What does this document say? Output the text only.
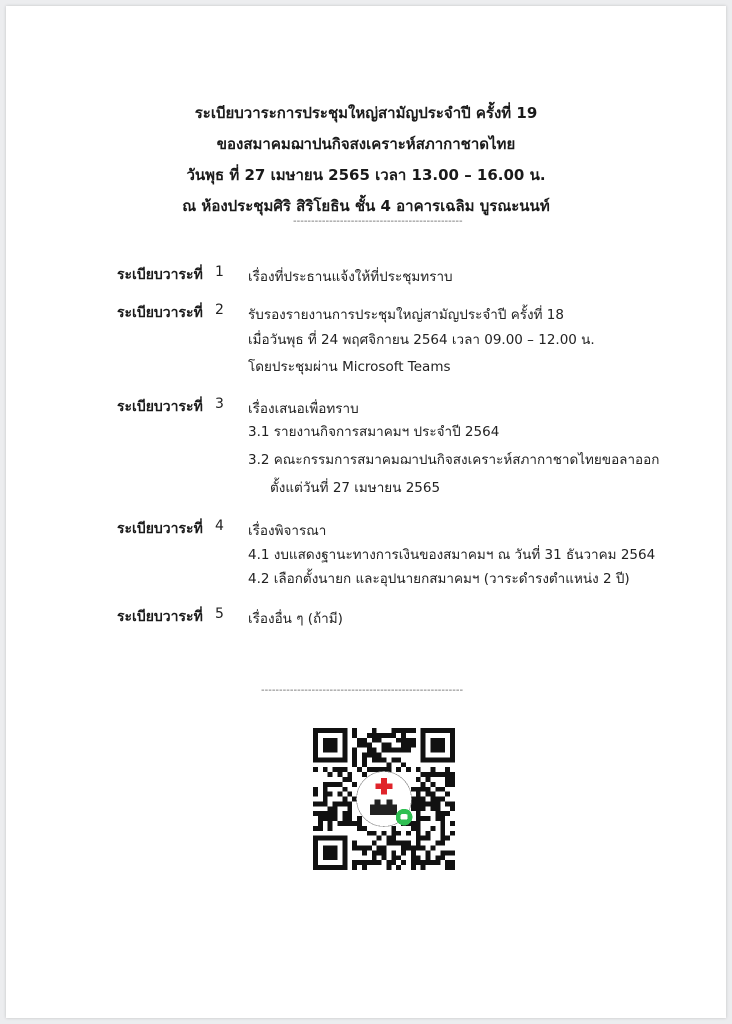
ระเบียบวาระการประชุมใหญ่สามัญประจำปี ครั้งที่ 19
ของสมาคมฌาปนกิจสงเคราะห์สภากาชาดไทย
วันพุธ ที่ 27 เมษายน 2565 เวลา 13.00 – 16.00 น.
ณ ห้องประชุมศิริ สิริโยธิน ชั้น 4 อาคารเฉลิม บูรณะนนท์
-----------------------------------------------
ระเบียบวาระที่ 1 เรื่องที่ประธานแจ้งให้ที่ประชุมทราบ
ระเบียบวาระที่ 2 รับรองรายงานการประชุมใหญ่สามัญประจำปี ครั้งที่ 18
เมื่อวันพุธ ที่ 24 พฤศจิกายน 2564 เวลา 09.00 – 12.00 น.
โดยประชุมผ่าน Microsoft Teams
ระเบียบวาระที่ 3 เรื่องเสนอเพื่อทราบ
3.1 รายงานกิจการสมาคมฯ ประจำปี 2564
3.2 คณะกรรมการสมาคมฌาปนกิจสงเคราะห์สภากาชาดไทยขอลาออก
ตั้งแต่วันที่ 27 เมษายน 2565
ระเบียบวาระที่ 4 เรื่องพิจารณา
4.1 งบแสดงฐานะทางการเงินของสมาคมฯ ณ วันที่ 31 ธันวาคม 2564
4.2 เลือกตั้งนายก และอุปนายกสมาคมฯ (วาระดำรงตำแหน่ง 2 ปี)
ระเบียบวาระที่ 5 เรื่องอื่น ๆ (ถ้ามี)
--------------------------------------------------------
